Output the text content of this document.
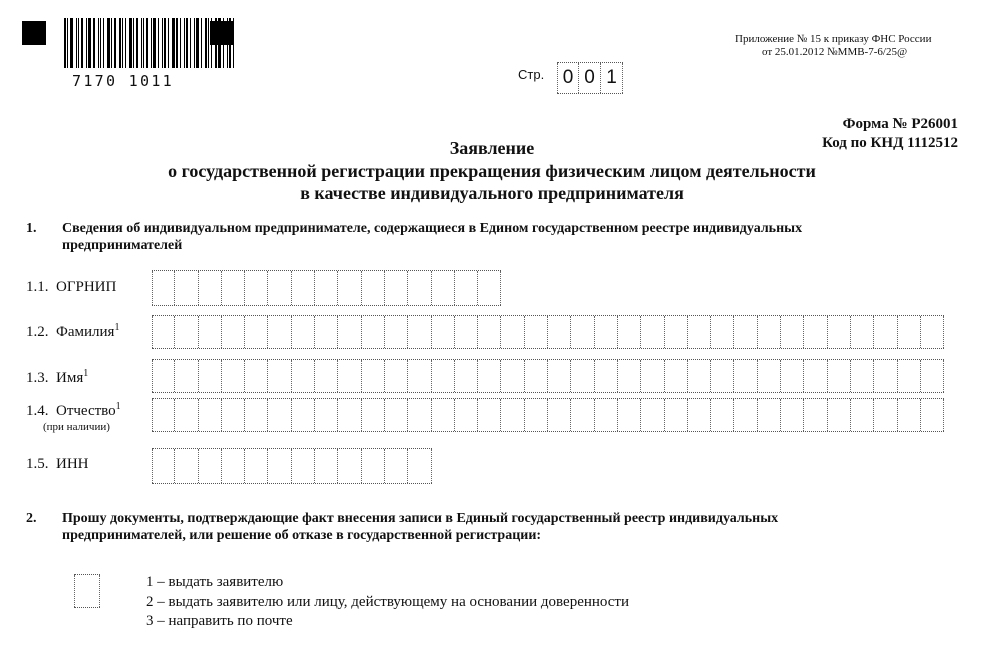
7170 1011
Приложение № 15 к приказу ФНС России
от 25.01.2012 №ММВ-7-6/25@
Стр. 0 0 1
Форма № Р26001
Код по КНД 1112512
Заявление
о государственной регистрации прекращения физическим лицом деятельности
в качестве индивидуального предпринимателя
1. Сведения об индивидуальном предпринимателе, содержащиеся в Едином государственном реестре индивидуальных
предпринимателей
1.1. ОГРНИП
1.2. Фамилия$^1$
1.3. Имя$^1$
1.4. Отчество$^1$
(при наличии)
1.5. ИНН
2. Прошу документы, подтверждающие факт внесения записи в Единый государственный реестр индивидуальных
предпринимателей, или решение об отказе в государственной регистрации:
1 – выдать заявителю
2 – выдать заявителю или лицу, действующему на основании доверенности
3 – направить по почте
